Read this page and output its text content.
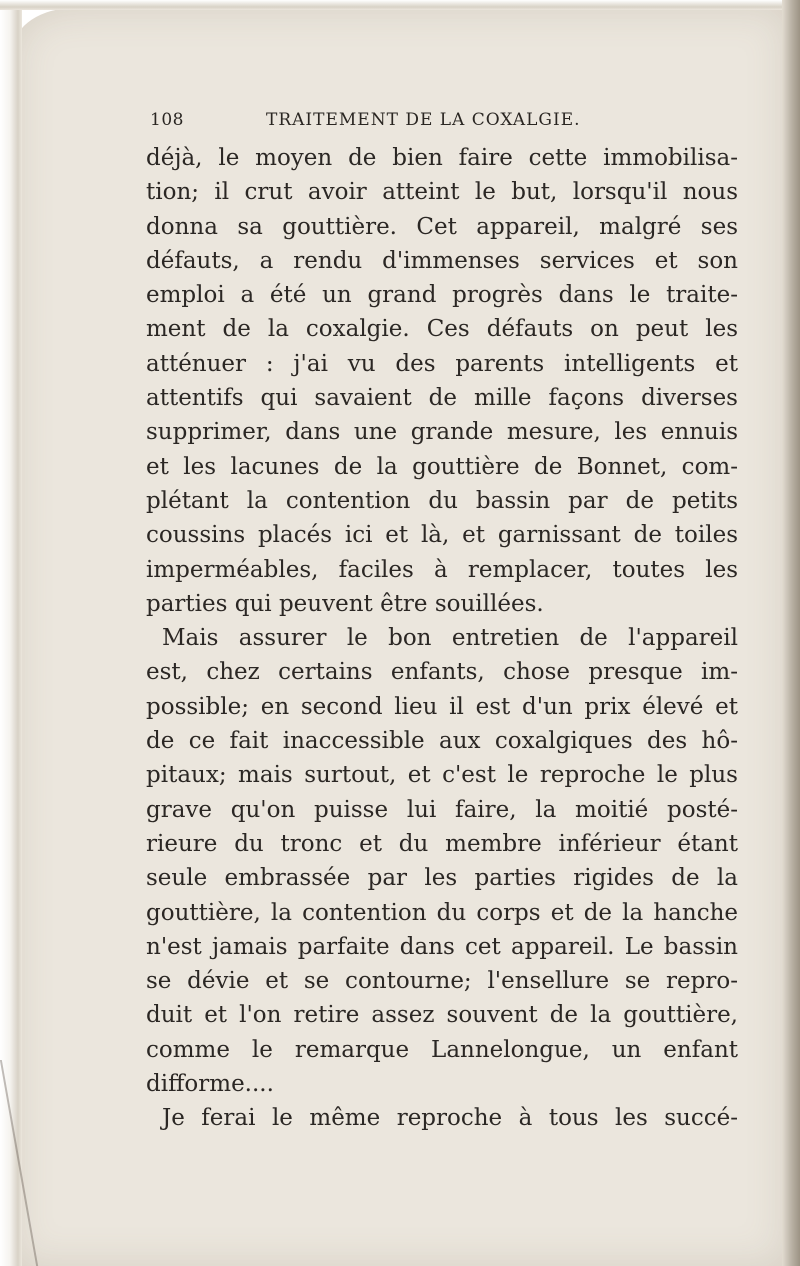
108	TRAITEMENT DE LA COXALGIE.
déjà, le moyen de bien faire cette immobilisa-
tion; il crut avoir atteint le but, lorsqu'il nous
donna sa gouttière. Cet appareil, malgré ses
défauts, a rendu d'immenses services et son
emploi a été un grand progrès dans le traite-
ment de la coxalgie. Ces défauts on peut les
atténuer : j'ai vu des parents intelligents et
attentifs qui savaient de mille façons diverses
supprimer, dans une grande mesure, les ennuis
et les lacunes de la gouttière de Bonnet, com-
plétant la contention du bassin par de petits
coussins placés ici et là, et garnissant de toiles
imperméables, faciles à remplacer, toutes les
parties qui peuvent être souillées.
Mais assurer le bon entretien de l'appareil
est, chez certains enfants, chose presque im-
possible; en second lieu il est d'un prix élevé et
de ce fait inaccessible aux coxalgiques des hô-
pitaux; mais surtout, et c'est le reproche le plus
grave qu'on puisse lui faire, la moitié posté-
rieure du tronc et du membre inférieur étant
seule embrassée par les parties rigides de la
gouttière, la contention du corps et de la hanche
n'est jamais parfaite dans cet appareil. Le bassin
se dévie et se contourne; l'ensellure se repro-
duit et l'on retire assez souvent de la gouttière,
comme le remarque Lannelongue, un enfant
difforme....
Je ferai le même reproche à tous les succé-
